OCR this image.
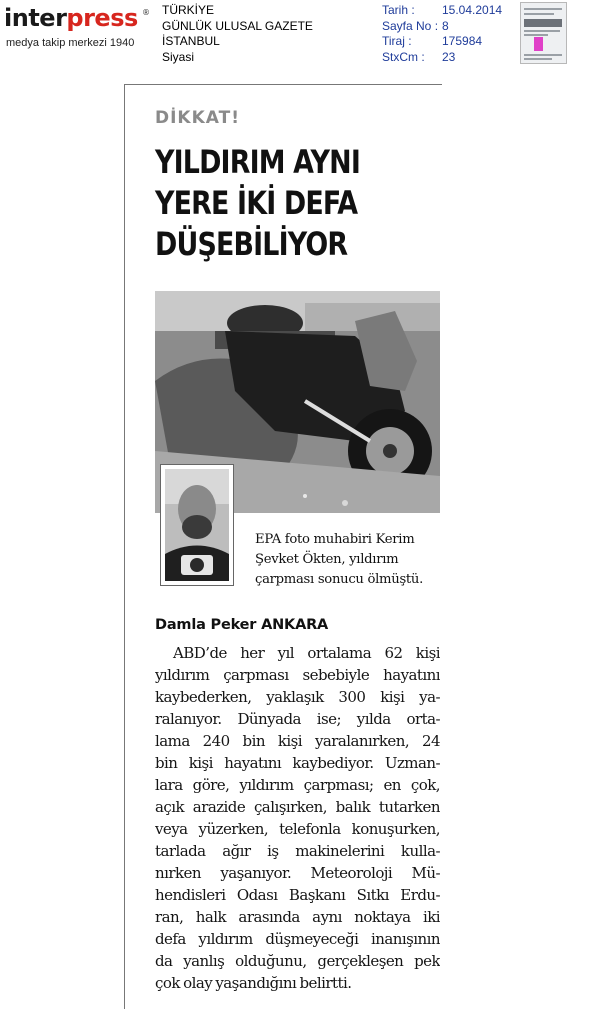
interpress ®
medya takip merkezi 1940
TÜRKİYE
GÜNLÜK ULUSAL GAZETE
İSTANBUL
Siyasi
Tarih : 15.04.2014
Sayfa No : 8
Tiraj :	175984
StxCm : 23
DİKKAT!
YILDIRIM AYNI
YERE İKİ DEFA
DÜŞEBİLİYOR
EPA foto muhabiri Kerim
Şevket Ökten, yıldırım
çarpması sonucu ölmüştü.
Damla Peker ANKARA
ABD’de her yıl ortalama 62 kişi
yıldırım çarpması sebebiyle hayatını
kaybederken, yaklaşık 300 kişi ya-
ralanıyor. Dünyada ise; yılda orta-
lama 240 bin kişi yaralanırken, 24
bin kişi hayatını kaybediyor. Uzman-
lara göre, yıldırım çarpması; en çok,
açık arazide çalışırken, balık tutarken
veya yüzerken, telefonla konuşurken,
tarlada ağır iş makinelerini kulla-
nırken yaşanıyor. Meteoroloji Mü-
hendisleri Odası Başkanı Sıtkı Erdu-
ran, halk arasında aynı noktaya iki
defa yıldırım düşmeyeceği inanışının
da yanlış olduğunu, gerçekleşen pek
çok olay yaşandığını belirtti.
